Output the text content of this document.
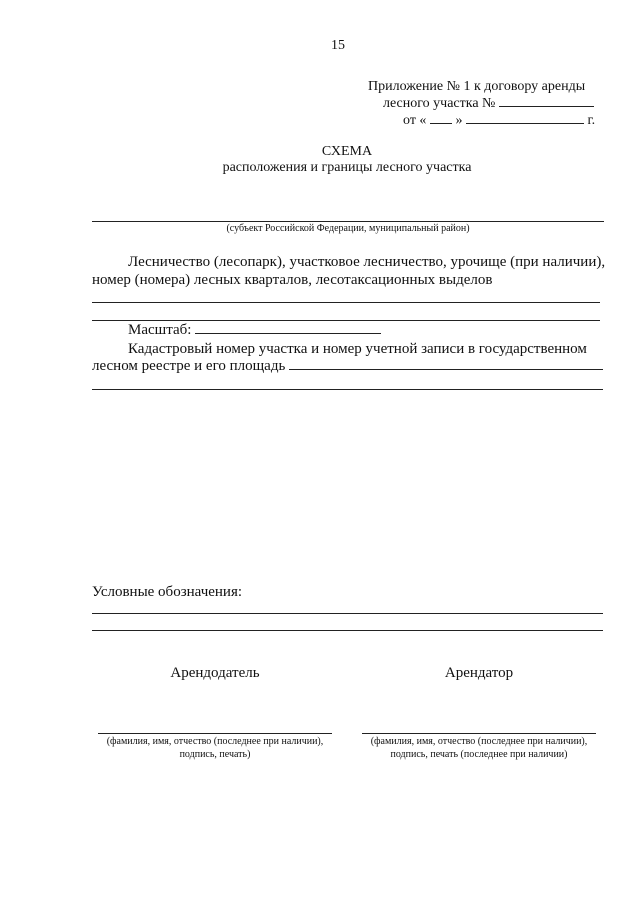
15
Приложение № 1 к договору аренды
лесного участка №
от « »	г.
СХЕМА
расположения и границы лесного участка
(субъект Российской Федерации, муниципальный район)
Лесничество (лесопарк), участковое лесничество, урочище (при наличии),
номер (номера) лесных кварталов, лесотаксационных выделов
Масштаб:
Кадастровый номер участка и номер учетной записи в государственном
лесном реестре и его площадь
Условные обозначения:
Арендодатель
(фамилия, имя, отчество (последнее при наличии),
подпись, печать)
Арендатор
(фамилия, имя, отчество (последнее при наличии),
подпись, печать (последнее при наличии)
